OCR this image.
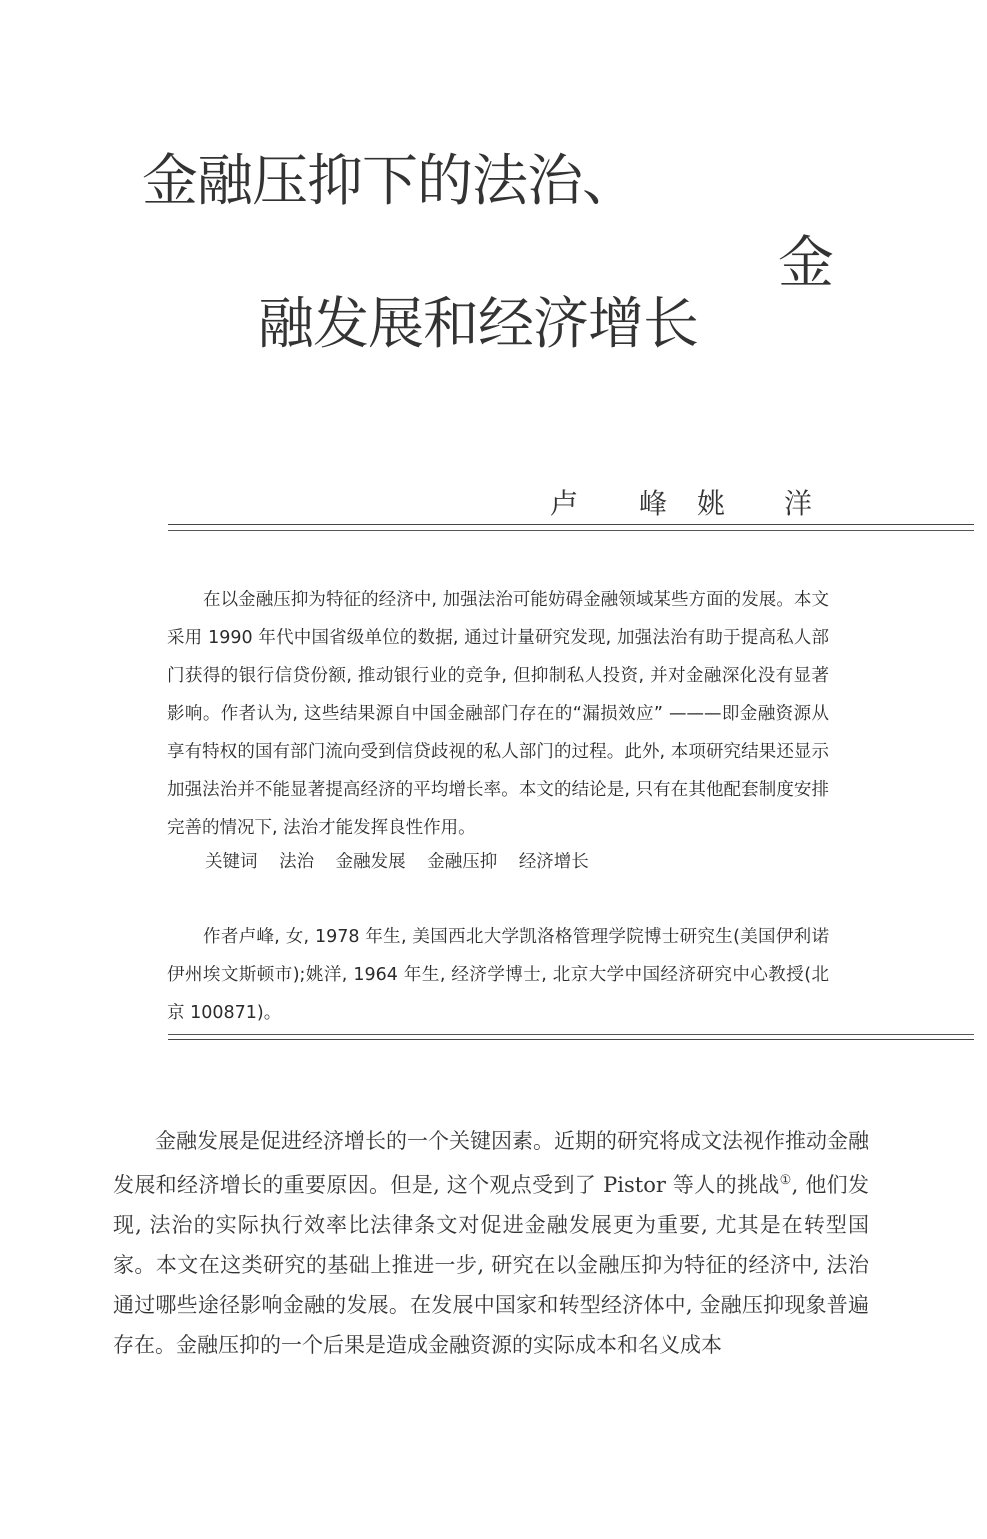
金融压抑下的法治、
金
融发展和经济增长
卢 峰 姚 洋

在以金融压抑为特征的经济中, 加强法治可能妨碍金融领域某些方面的发展。本文采用 1990 年代中国省级单位的数据, 通过计量研究发现, 加强法治有助于提高私人部门获得的银行信贷份额, 推动银行业的竞争, 但抑制私人投资, 并对金融深化没有显著影响。作者认为, 这些结果源自中国金融部门存在的“漏损效应” ———即金融资源从享有特权的国有部门流向受到信贷歧视的私人部门的过程。此外, 本项研究结果还显示加强法治并不能显著提高经济的平均增长率。本文的结论是, 只有在其他配套制度安排完善的情况下, 法治才能发挥良性作用。

关键词 法治 金融发展 金融压抑 经济增长

作者卢峰, 女, 1978 年生, 美国西北大学凯洛格管理学院博士研究生(美国伊利诺伊州埃文斯顿市);姚洋, 1964 年生, 经济学博士, 北京大学中国经济研究中心教授(北京 100871)。

金融发展是促进经济增长的一个关键因素。近期的研究将成文法视作推动金融发展和经济增长的重要原因。但是, 这个观点受到了 Pistor 等人的挑战①, 他们发现, 法治的实际执行效率比法律条文对促进金融发展更为重要, 尤其是在转型国家。本文在这类研究的基础上推进一步, 研究在以金融压抑为特征的经济中, 法治通过哪些途径影响金融的发展。在发展中国家和转型经济体中, 金融压抑现象普遍存在。金融压抑的一个后果是造成金融资源的实际成本和名义成本
